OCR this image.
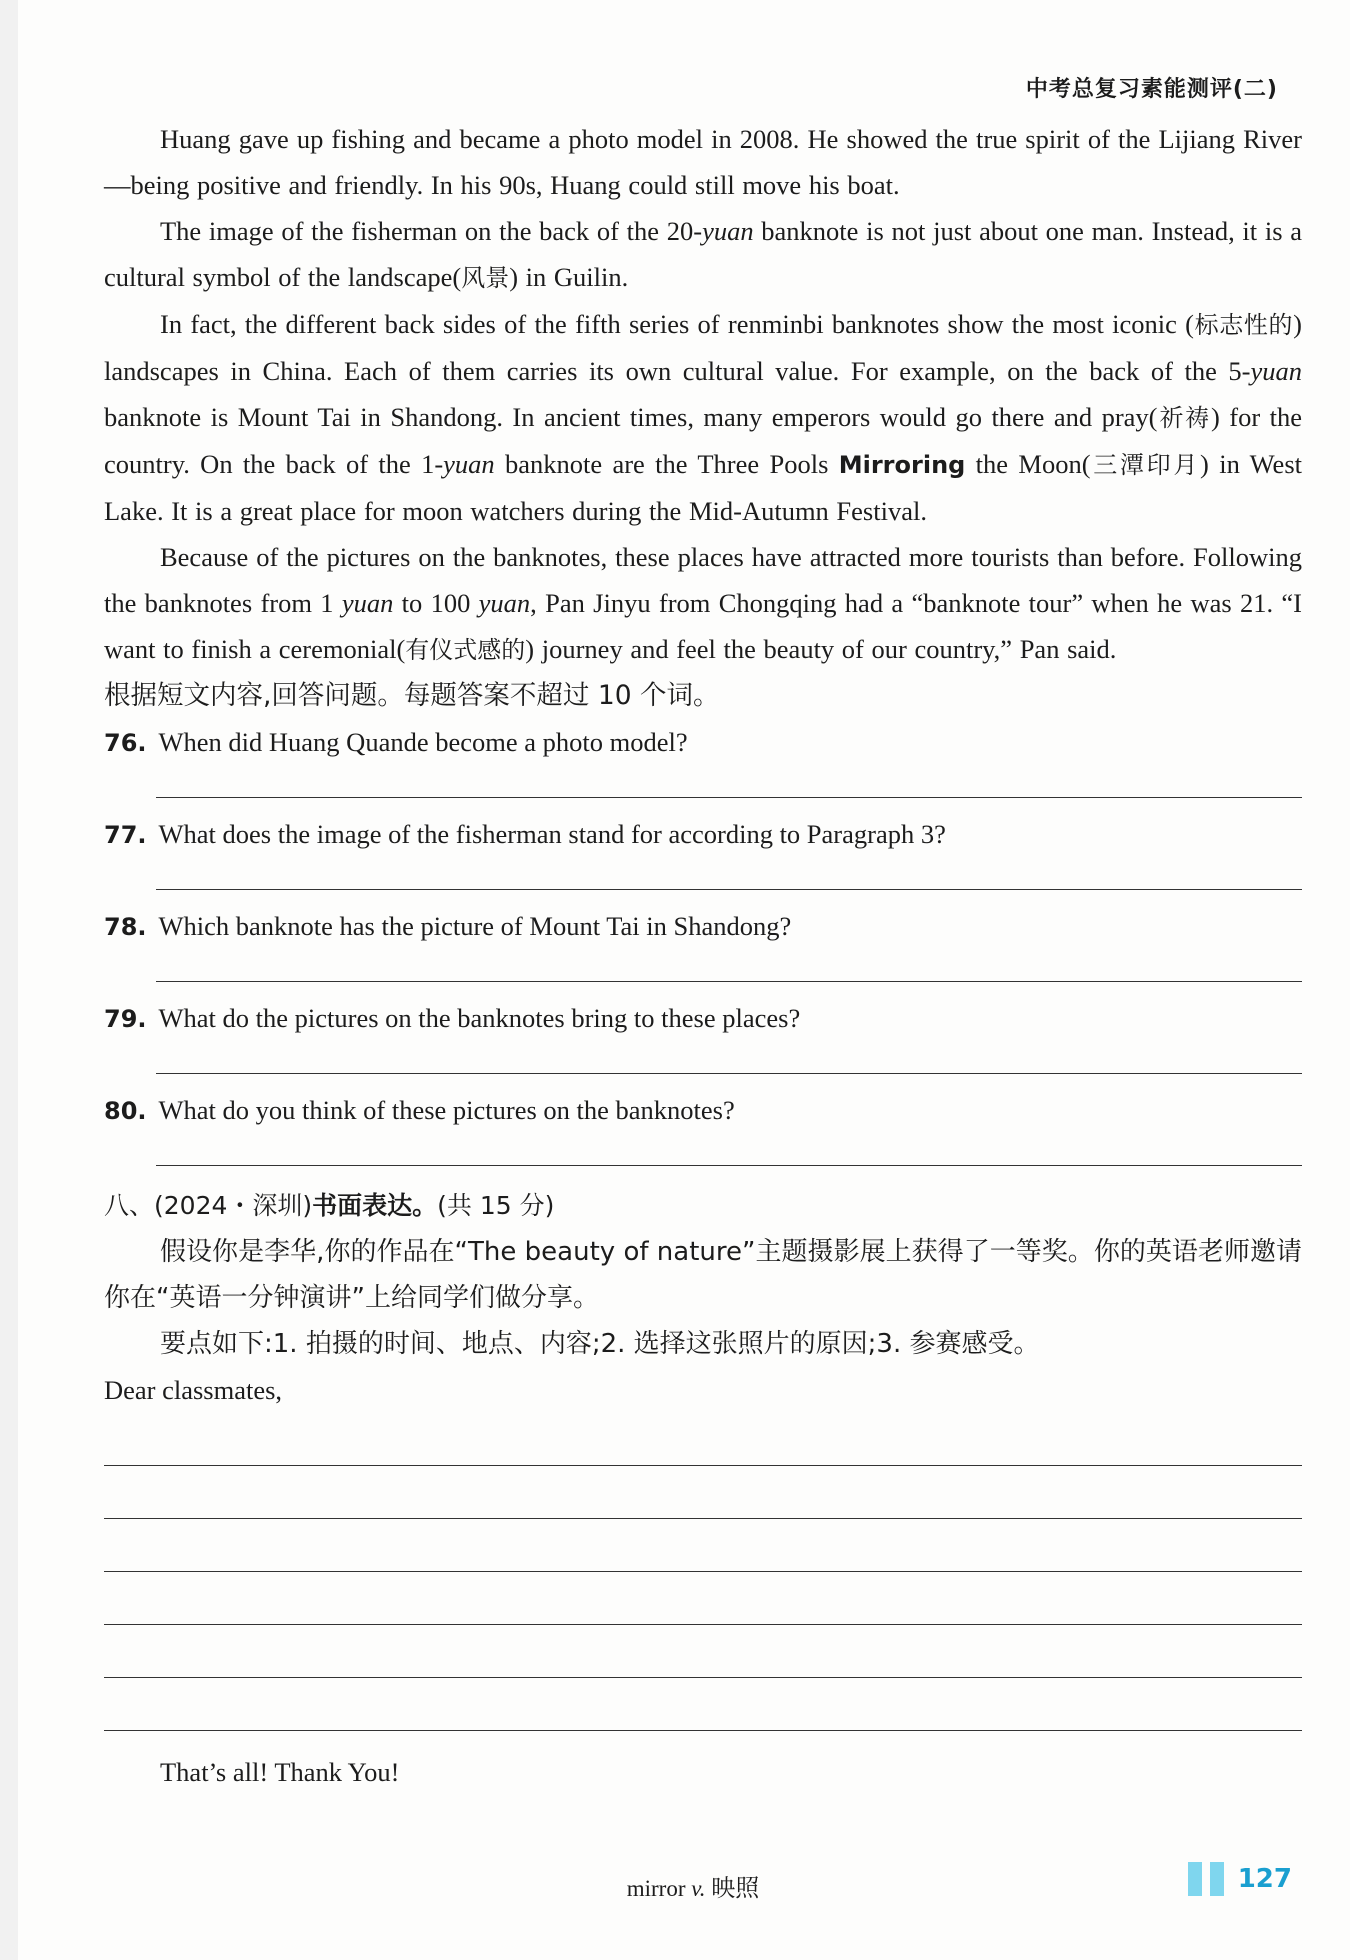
中考总复习素能测评(二)

Huang gave up fishing and became a photo model in 2008. He showed the true spirit of the Lijiang River—being positive and friendly. In his 90s, Huang could still move his boat.

The image of the fisherman on the back of the 20-yuan banknote is not just about one man. Instead, it is a cultural symbol of the landscape(风景) in Guilin.

In fact, the different back sides of the fifth series of renminbi banknotes show the most iconic (标志性的) landscapes in China. Each of them carries its own cultural value. For example, on the back of the 5-yuan banknote is Mount Tai in Shandong. In ancient times, many emperors would go there and pray(祈祷) for the country. On the back of the 1-yuan banknote are the Three Pools Mirroring the Moon(三潭印月) in West Lake. It is a great place for moon watchers during the Mid-Autumn Festival.

Because of the pictures on the banknotes, these places have attracted more tourists than before. Following the banknotes from 1 yuan to 100 yuan, Pan Jinyu from Chongqing had a “banknote tour” when he was 21. “I want to finish a ceremonial(有仪式感的) journey and feel the beauty of our country,” Pan said.

根据短文内容,回答问题。每题答案不超过 10 个词。

76. When did Huang Quande become a photo model?
77. What does the image of the fisherman stand for according to Paragraph 3?
78. Which banknote has the picture of Mount Tai in Shandong?
79. What do the pictures on the banknotes bring to these places?
80. What do you think of these pictures on the banknotes?

八、(2024・深圳)书面表达。(共 15 分)

假设你是李华,你的作品在“The beauty of nature”主题摄影展上获得了一等奖。你的英语老师邀请你在“英语一分钟演讲”上给同学们做分享。

要点如下:1. 拍摄的时间、地点、内容;2. 选择这张照片的原因;3. 参赛感受。

Dear classmates,

That’s all! Thank You!

mirror v. 映照	127
